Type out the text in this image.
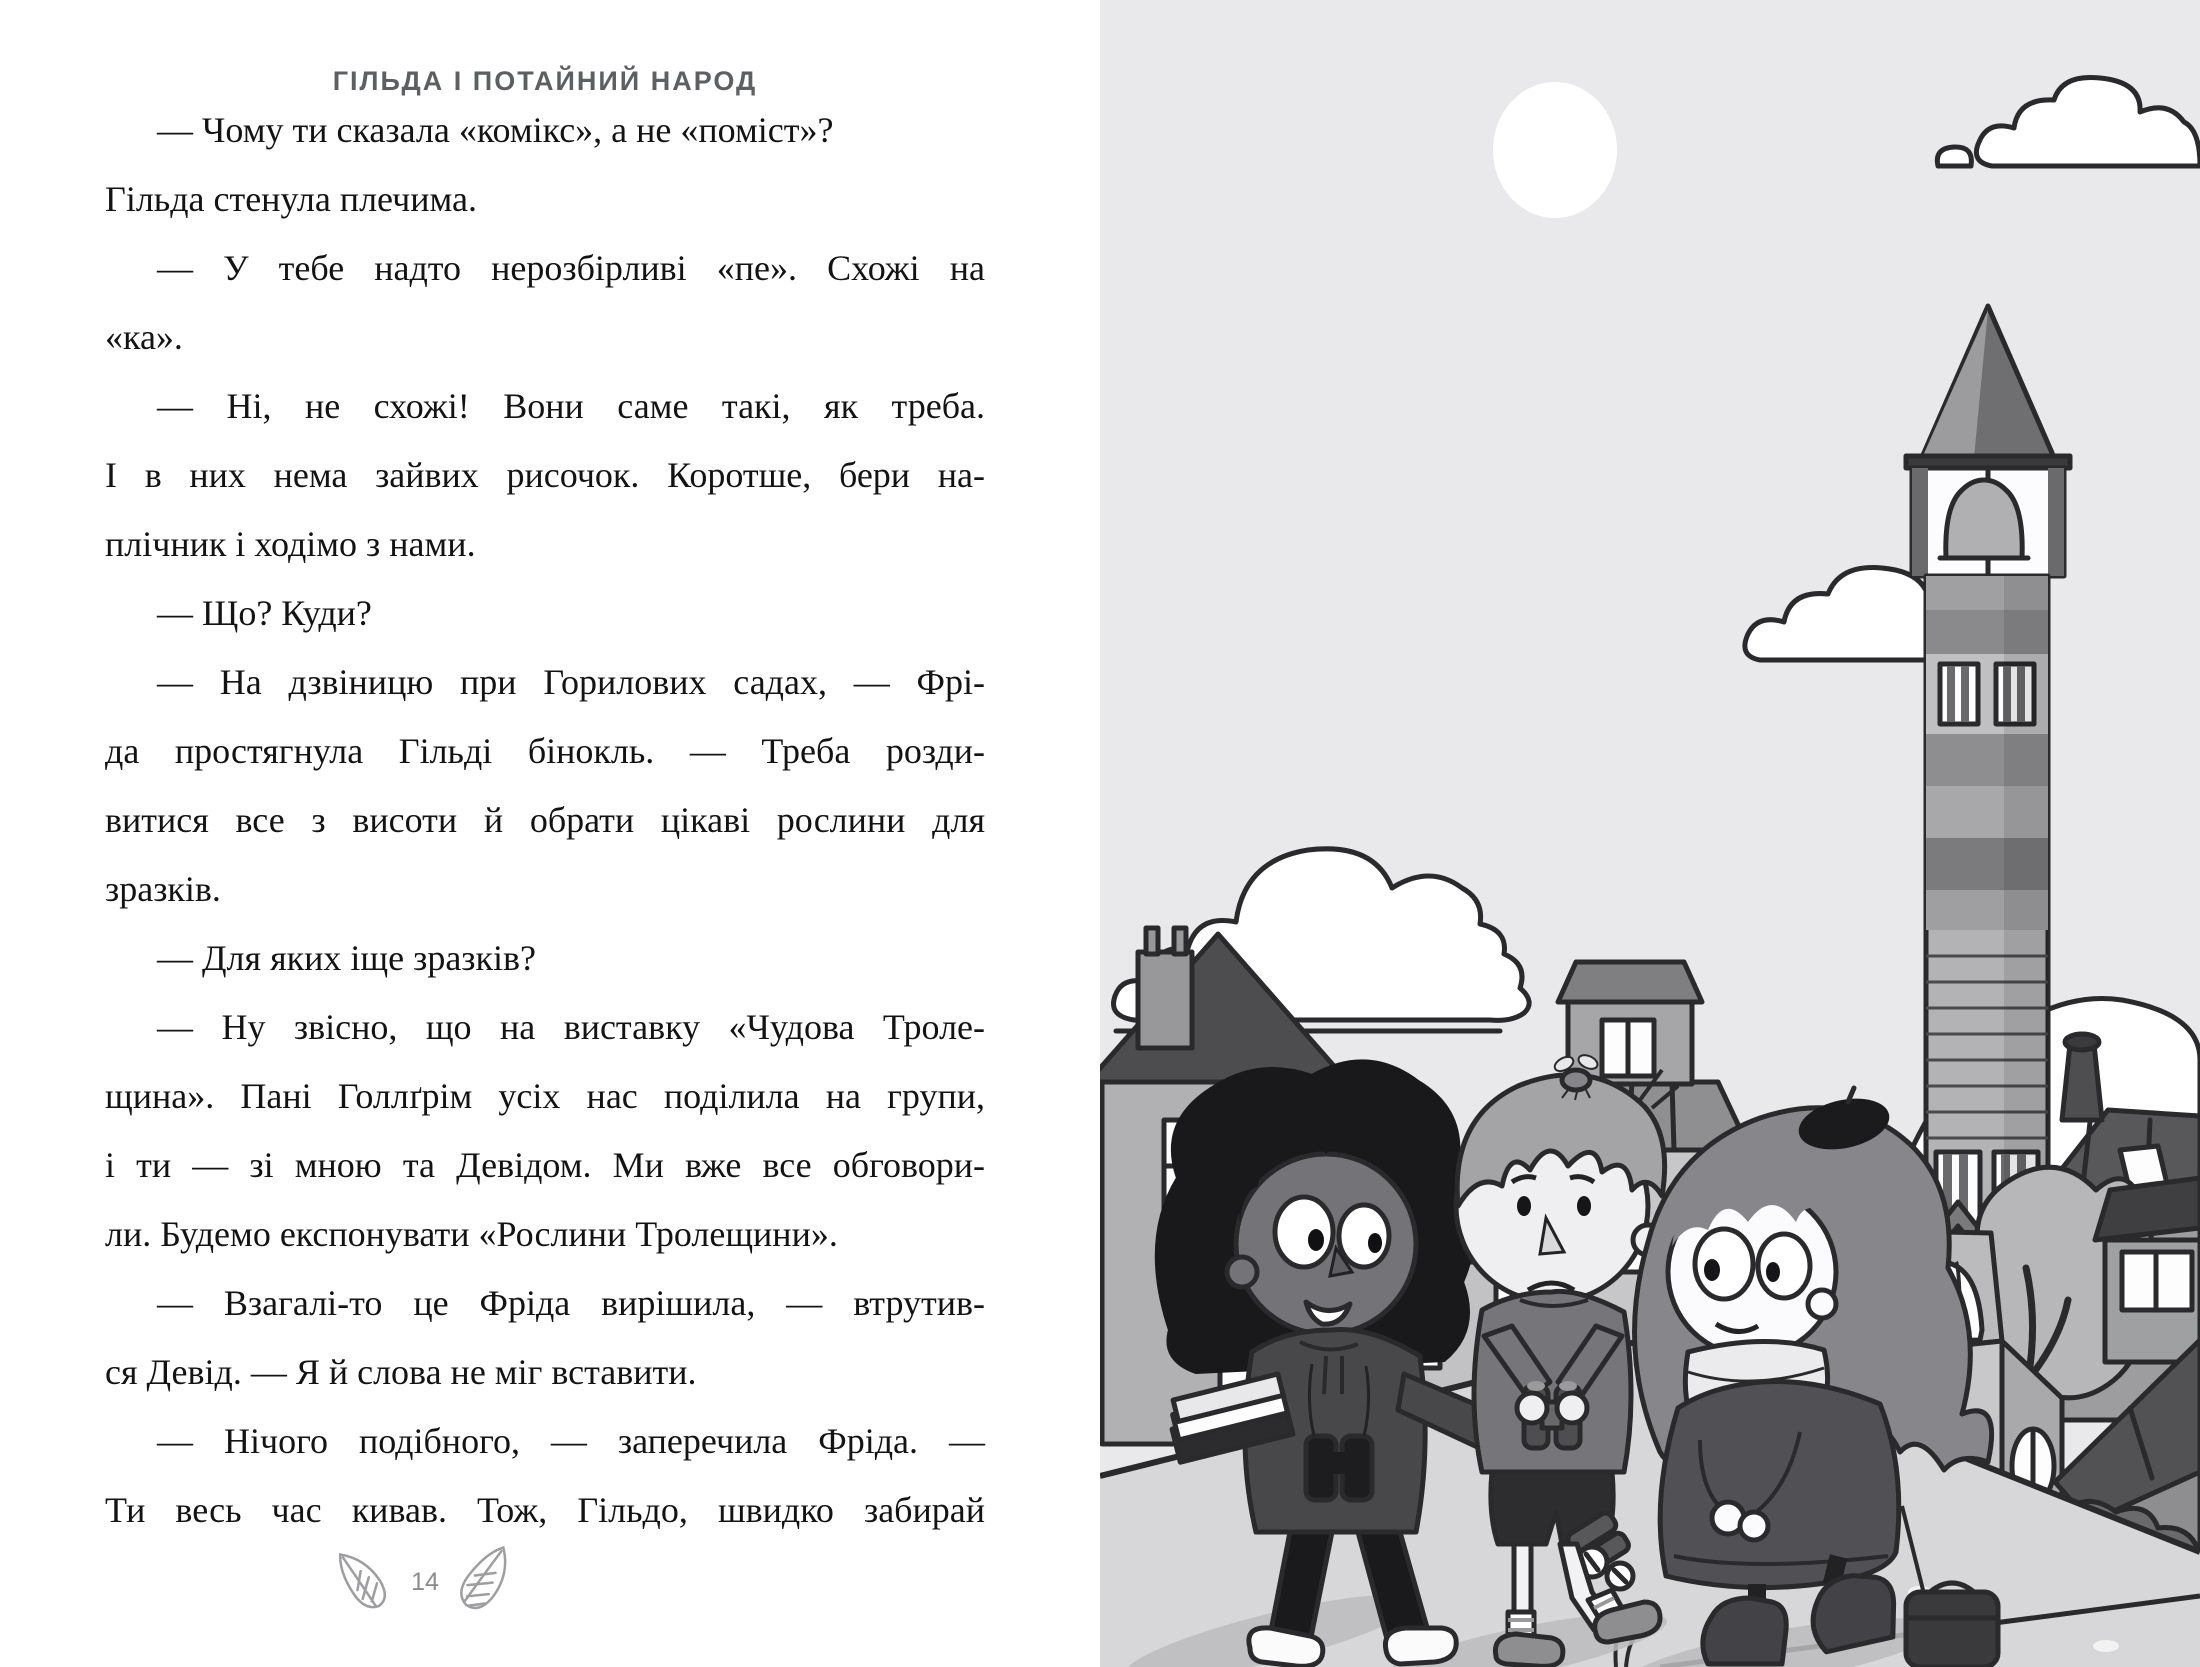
ГІЛЬДА І ПОТАЙНИЙ НАРОД
— Чому ти сказала «комікс», а не «поміст»?
Гільда стенула плечима.
— У тебе надто нерозбірливі «пе». Схожі на
«ка».
— Ні, не схожі! Вони саме такі, як треба.
І в них нема зайвих рисочок. Коротше, бери на-
плічник і ходімо з нами.
— Що? Куди?
— На дзвіницю при Горилових садах, — Фрі-
да простягнула Гільді бінокль. — Треба розди-
витися все з висоти й обрати цікаві рослини для
зразків.
— Для яких іще зразків?
— Ну звісно, що на виставку «Чудова Троле-
щина». Пані Голлґрім усіх нас поділила на групи,
і ти — зі мною та Девідом. Ми вже все обговори-
ли. Будемо експонувати «Рослини Тролещини».
— Взагалі-то це Фріда вирішила, — втрутив-
ся Девід. — Я й слова не міг вставити.
— Нічого подібного, — заперечила Фріда. —
Ти весь час кивав. Тож, Гільдо, швидко забирай
14
